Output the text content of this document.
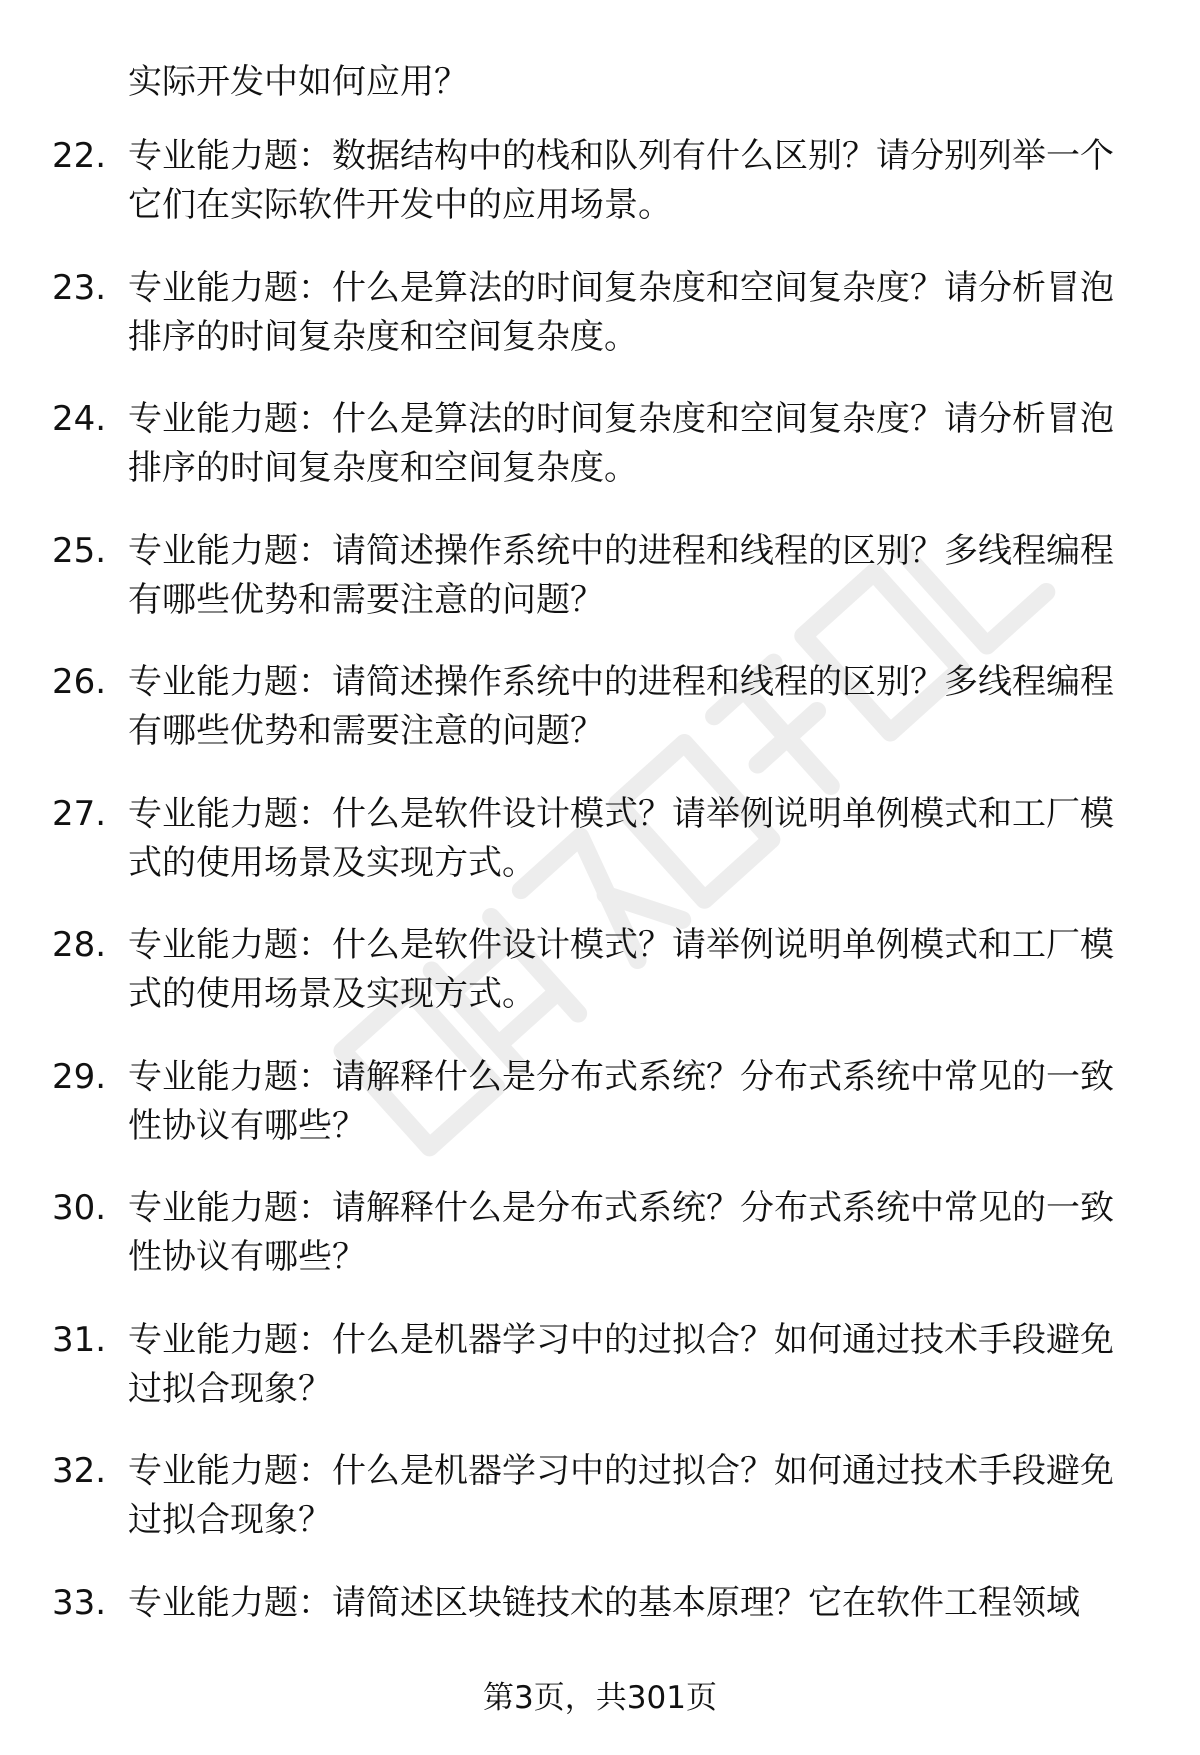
实际开发中如何应用？
22. 专业能力题：数据结构中的栈和队列有什么区别？请分别列举一个它们在实际软件开发中的应用场景。
23. 专业能力题：什么是算法的时间复杂度和空间复杂度？请分析冒泡排序的时间复杂度和空间复杂度。
24. 专业能力题：什么是算法的时间复杂度和空间复杂度？请分析冒泡排序的时间复杂度和空间复杂度。
25. 专业能力题：请简述操作系统中的进程和线程的区别？多线程编程有哪些优势和需要注意的问题？
26. 专业能力题：请简述操作系统中的进程和线程的区别？多线程编程有哪些优势和需要注意的问题？
27. 专业能力题：什么是软件设计模式？请举例说明单例模式和工厂模式的使用场景及实现方式。
28. 专业能力题：什么是软件设计模式？请举例说明单例模式和工厂模式的使用场景及实现方式。
29. 专业能力题：请解释什么是分布式系统？分布式系统中常见的一致性协议有哪些？
30. 专业能力题：请解释什么是分布式系统？分布式系统中常见的一致性协议有哪些？
31. 专业能力题：什么是机器学习中的过拟合？如何通过技术手段避免过拟合现象？
32. 专业能力题：什么是机器学习中的过拟合？如何通过技术手段避免过拟合现象？
33. 专业能力题：请简述区块链技术的基本原理？它在软件工程领域
第3页，共301页
